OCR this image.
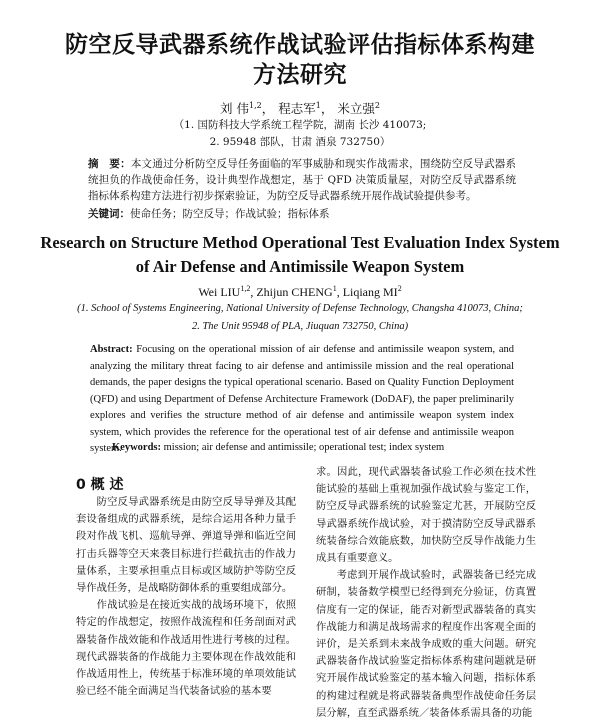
防空反导武器系统作战试验评估指标体系构建
方法研究
刘 伟$^{1,2}$， 程志军$^1$， 米立强$^2$
（1. 国防科技大学系统工程学院，湖南 长沙 410073;
2. 95948 部队，甘肃 酒泉 732750）
摘　要：本文通过分析防空反导任务面临的军事威胁和现实作战需求，围绕防空反导武器系统担负的作战使命任务，设计典型作战想定，基于 QFD 决策质量屋，对防空反导武器系统指标体系构建方法进行初步探索验证，为防空反导武器系统开展作战试验提供参考。
关键词：使命任务；防空反导；作战试验；指标体系
Research on Structure Method Operational Test Evaluation Index System
of Air Defense and Antimissile Weapon System
Wei LIU$^{1,2}$, Zhijun CHENG$^1$, Liqiang $MI^2$
(1. School of Systems Engineering, National University of Defense Technology, Changsha 410073, China;
2. The Unit 95948 of PLA, Jiuquan 732750, China)
Abstract: Focusing on the operational mission of air defense and antimissile weapon system, and analyzing the military threat facing to air defense and antimissile mission and the real operational demands, the paper designs the typical operational scenario. Based on Quality Function Deployment (QFD) and using Department of Defense Architecture Framework (DoDAF), the paper preliminarily explores and verifies the structure method of air defense and antimissile weapon system index system, which provides the reference for the operational test of air defense and antimissile weapon system.
Keywords: mission; air defense and antimissile; operational test; index system
0 概 述

防空反导武器系统是由防空反导导弹及其配套设备组成的武器系统，是综合运用各种力量手段对作战飞机、巡航导弹、弹道导弹和临近空间打击兵器等空天来袭目标进行拦截抗击的作战力量体系，主要承担重点目标或区域防护等防空反导作战任务，是战略防御体系的重要组成部分。

作战试验是在接近实战的战场环境下，依照特定的作战想定，按照作战流程和任务剖面对武器装备作战效能和作战适用性进行考核的过程。现代武器装备的作战能力主要体现在作战效能和作战适用性上，传统基于标准环境的单项效能试验已经不能全面满足当代装备试验的基本要

求。因此，现代武器装备试验工作必须在技术性能试验的基础上重视加强作战试验与鉴定工作，防空反导武器系统的试验鉴定尤甚，开展防空反导武器系统作战试验，对于摸清防空反导武器系统装备综合效能底数，加快防空反导作战能力生成具有重要意义。

考虑到开展作战试验时，武器装备已经完成研制，装备数学模型已经得到充分验证，仿真置信度有一定的保证，能否对新型武器装备的真实作战能力和满足战场需求的程度作出客观全面的评价，是关系到未来战争成败的重大问题。研究武器装备作战试验鉴定指标体系构建问题就是研究开展作战试验鉴定的基本输入问题，指标体系的构建过程就是将武器装备典型作战使命任务层层分解，直至武器系统／装备体系需具备的功能
